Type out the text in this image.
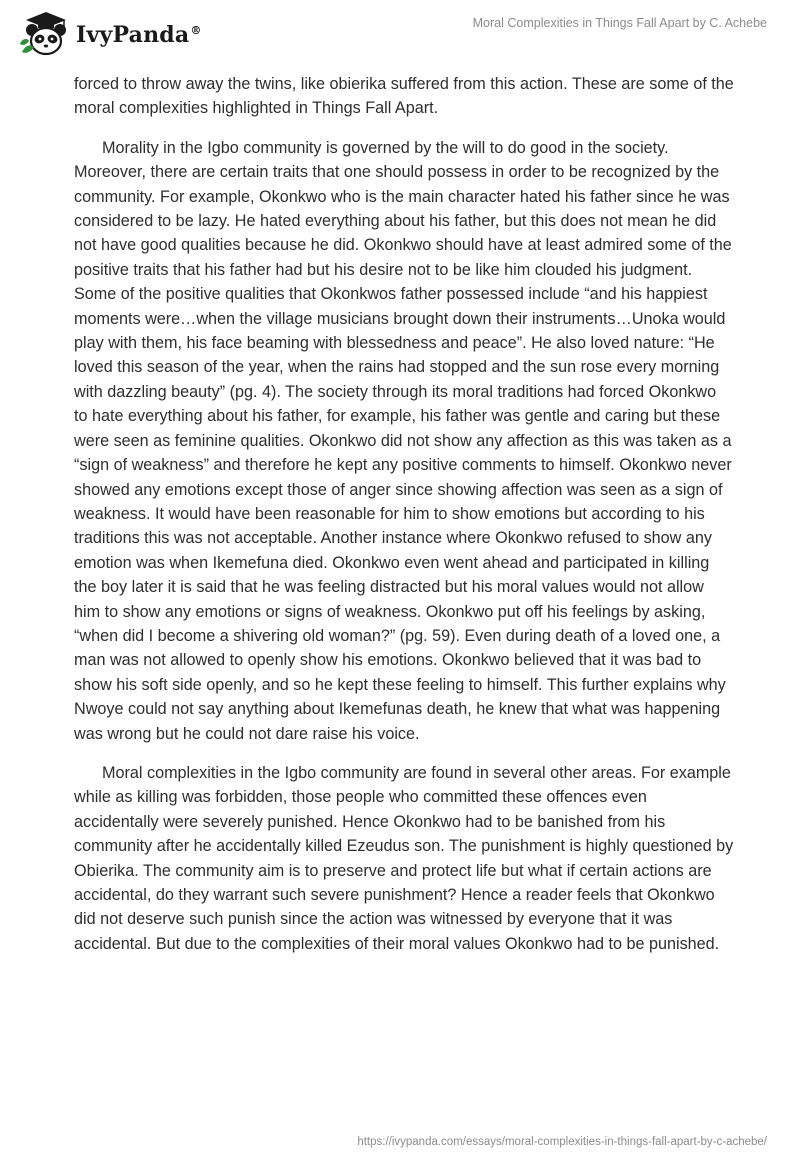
IvyPanda®
Moral Complexities in Things Fall Apart by C. Achebe

forced to throw away the twins, like obierika suffered from this action. These are some of the moral complexities highlighted in Things Fall Apart.

Morality in the Igbo community is governed by the will to do good in the society. Moreover, there are certain traits that one should possess in order to be recognized by the community. For example, Okonkwo who is the main character hated his father since he was considered to be lazy. He hated everything about his father, but this does not mean he did not have good qualities because he did. Okonkwo should have at least admired some of the positive traits that his father had but his desire not to be like him clouded his judgment. Some of the positive qualities that Okonkwos father possessed include “and his happiest moments were…when the village musicians brought down their instruments…Unoka would play with them, his face beaming with blessedness and peace”. He also loved nature: “He loved this season of the year, when the rains had stopped and the sun rose every morning with dazzling beauty” (pg. 4). The society through its moral traditions had forced Okonkwo to hate everything about his father, for example, his father was gentle and caring but these were seen as feminine qualities. Okonkwo did not show any affection as this was taken as a “sign of weakness” and therefore he kept any positive comments to himself. Okonkwo never showed any emotions except those of anger since showing affection was seen as a sign of weakness. It would have been reasonable for him to show emotions but according to his traditions this was not acceptable. Another instance where Okonkwo refused to show any emotion was when Ikemefuna died. Okonkwo even went ahead and participated in killing the boy later it is said that he was feeling distracted but his moral values would not allow him to show any emotions or signs of weakness. Okonkwo put off his feelings by asking, “when did I become a shivering old woman?” (pg. 59). Even during death of a loved one, a man was not allowed to openly show his emotions. Okonkwo believed that it was bad to show his soft side openly, and so he kept these feeling to himself. This further explains why Nwoye could not say anything about Ikemefunas death, he knew that what was happening was wrong but he could not dare raise his voice.

Moral complexities in the Igbo community are found in several other areas. For example while as killing was forbidden, those people who committed these offences even accidentally were severely punished. Hence Okonkwo had to be banished from his community after he accidentally killed Ezeudus son. The punishment is highly questioned by Obierika. The community aim is to preserve and protect life but what if certain actions are accidental, do they warrant such severe punishment? Hence a reader feels that Okonkwo did not deserve such punish since the action was witnessed by everyone that it was accidental. But due to the complexities of their moral values Okonkwo had to be punished.

https://ivypanda.com/essays/moral-complexities-in-things-fall-apart-by-c-achebe/
